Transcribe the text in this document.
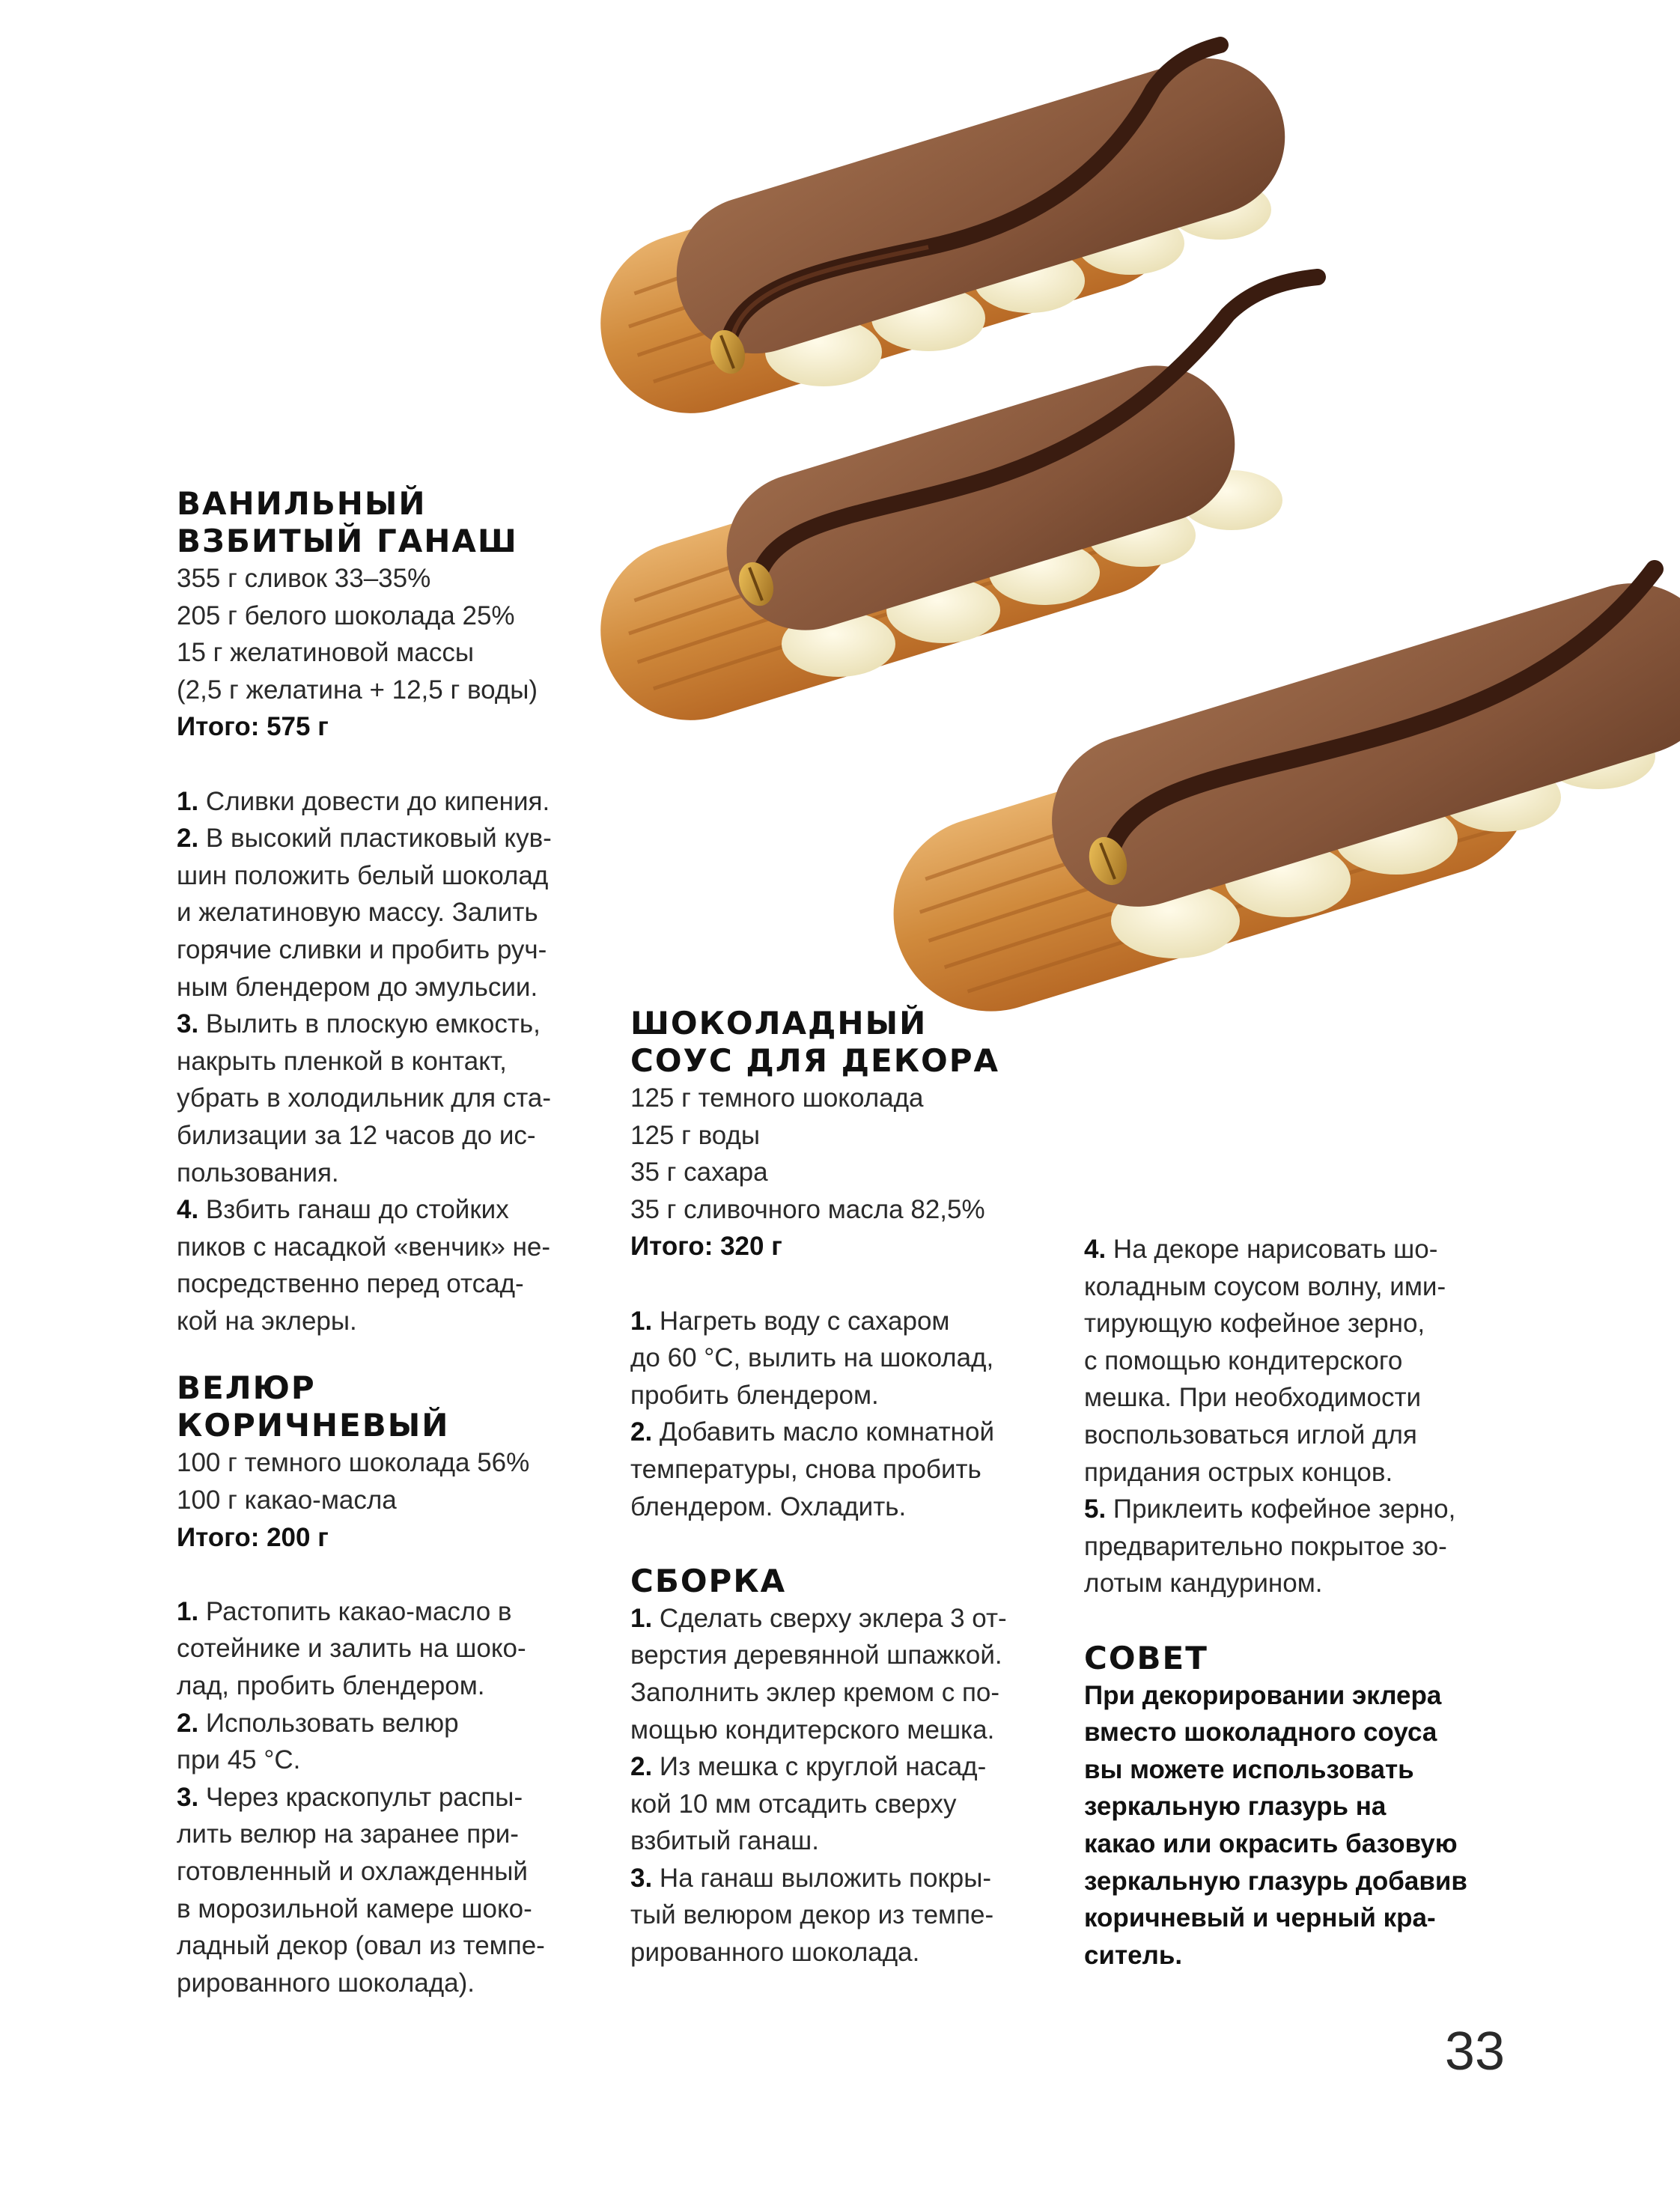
ВАНИЛЬНЫЙ
ВЗБИТЫЙ ГАНАШ

355 г сливок 33–35%

205 г белого шоколада 25%

15 г желатиновой массы

(2,5 г желатина + 12,5 г воды)

Итого: 575 г

1. Сливки довести до кипения.

2. В высокий пластиковый кув-

шин положить белый шоколад

и желатиновую массу. Залить

горячие сливки и пробить руч-

ным блендером до эмульсии.

3. Вылить в плоскую емкость,

накрыть пленкой в контакт,

убрать в холодильник для ста-

билизации за 12 часов до ис-

пользования.

4. Взбить ганаш до стойких

пиков с насадкой «венчик» не-

посредственно перед отсад-

кой на эклеры.

ВЕЛЮР КОРИЧНЕВЫЙ

100 г темного шоколада 56%

100 г какао-масла

Итого: 200 г

1. Растопить какао-масло в

сотейнике и залить на шоко-

лад, пробить блендером.

2. Использовать велюр

при 45 °С.

3. Через краскопульт распы-

лить велюр на заранее при-

готовленный и охлажденный

в морозильной камере шоко-

ладный декор (овал из темпе-

рированного шоколада).

ШОКОЛАДНЫЙ
СОУС ДЛЯ ДЕКОРА

125 г темного шоколада

125 г воды

35 г сахара

35 г сливочного масла 82,5%

Итого: 320 г

1. Нагреть воду с сахаром

до 60 °С, вылить на шоколад,

пробить блендером.

2. Добавить масло комнатной

температуры, снова пробить

блендером. Охладить.

СБОРКА

1. Сделать сверху эклера 3 от-

верстия деревянной шпажкой.

Заполнить эклер кремом с по-

мощью кондитерского мешка.

2. Из мешка с круглой насад-

кой 10 мм отсадить сверху

взбитый ганаш.

3. На ганаш выложить покры-

тый велюром декор из темпе-

рированного шоколада.

4. На декоре нарисовать шо-

коладным соусом волну, ими-

тирующую кофейное зерно,

с помощью кондитерского

мешка. При необходимости

воспользоваться иглой для

придания острых концов.

5. Приклеить кофейное зерно,

предварительно покрытое зо-

лотым кандурином.

СОВЕТ

При декорировании эклера

вместо шоколадного соуса

вы можете использовать

зеркальную глазурь на

какао или окрасить базовую

зеркальную глазурь добавив

коричневый и черный кра-

ситель.

33
